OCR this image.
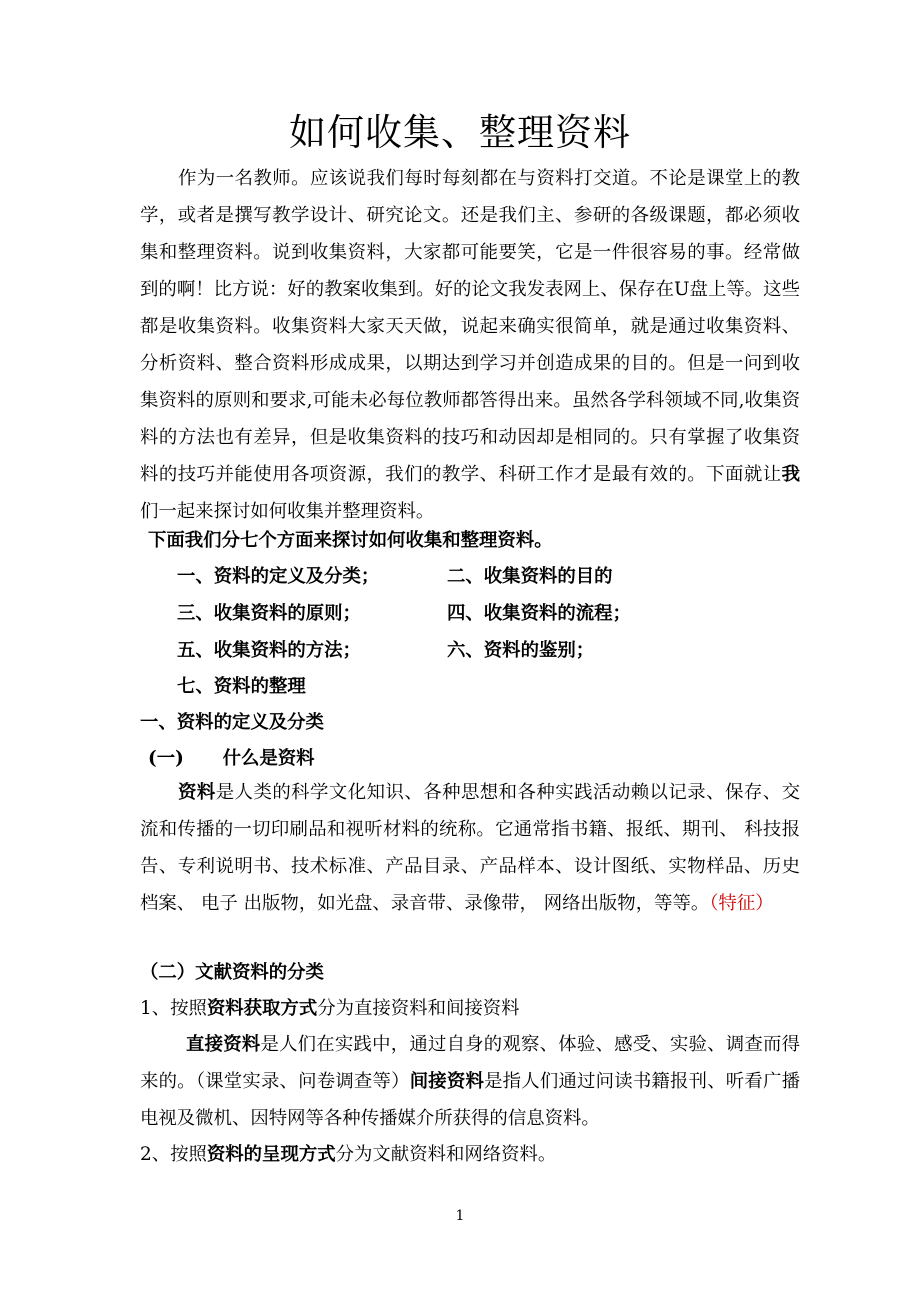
如何收集、整理资料

作为一名教师。应该说我们每时每刻都在与资料打交道。不论是课堂上的教学，或者是撰写教学设计、研究论文。还是我们主、参研的各级课题，都必须收集和整理资料。说到收集资料，大家都可能要笑，它是一件很容易的事。经常做到的啊！比方说：好的教案收集到。好的论文我发表网上、保存在U盘上等。这些都是收集资料。收集资料大家天天做，说起来确实很简单，就是通过收集资料、分析资料、整合资料形成成果，以期达到学习并创造成果的目的。但是一问到收集资料的原则和要求,可能未必每位教师都答得出来。虽然各学科领域不同,收集资料的方法也有差异，但是收集资料的技巧和动因却是相同的。只有掌握了收集资料的技巧并能使用各项资源，我们的教学、科研工作才是最有效的。下面就让我们一起来探讨如何收集并整理资料。

下面我们分七个方面来探讨如何收集和整理资料。
一、资料的定义及分类；	二、收集资料的目的
三、收集资料的原则；	四、收集资料的流程；
五、收集资料的方法；	六、资料的鉴别；
七、资料的整理
一、资料的定义及分类
(一) 什么是资料

资料是人类的科学文化知识、各种思想和各种实践活动赖以记录、保存、交流和传播的一切印刷品和视听材料的统称。它通常指书籍、报纸、期刊、 科技报告、专利说明书、技术标准、产品目录、产品样本、设计图纸、实物样品、历史 档案、 电子 出版物，如光盘、录音带、录像带， 网络出版物，等等。（特征）

（二）文献资料的分类
1、按照资料获取方式分为直接资料和间接资料

直接资料是人们在实践中，通过自身的观察、体验、感受、实验、调查而得来的。（课堂实录、问卷调查等）间接资料是指人们通过问读书籍报刊、听看广播电视及微机、因特网等各种传播媒介所获得的信息资料。

2、按照资料的呈现方式分为文献资料和网络资料。
1
